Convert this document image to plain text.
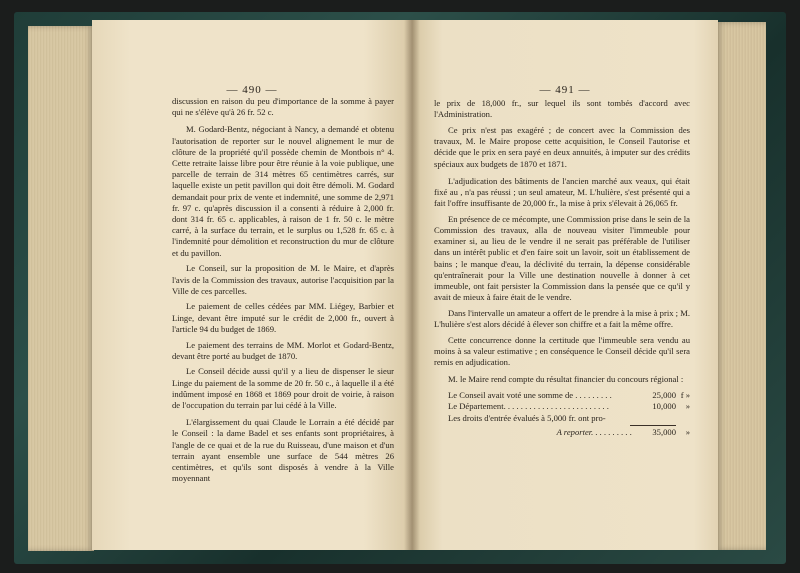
— 490 —

discussion en raison du peu d'importance de la somme à payer qui ne s'élève qu'à 26 fr. 52 c.

M. Godard-Bentz, négociant à Nancy, a demandé et obtenu l'autorisation de reporter sur le nouvel alignement le mur de clôture de la propriété qu'il possède chemin de Montbois n° 4. Cette retraite laisse libre pour être réunie à la voie publique, une parcelle de terrain de 314 mètres 65 centimètres carrés, sur laquelle existe un petit pavillon qui doit être démoli. M. Godard demandait pour prix de vente et indemnité, une somme de 2,971 fr. 97 c. qu'après discussion il a consenti à réduire à 2,000 fr. dont 314 fr. 65 c. applicables, à raison de 1 fr. 50 c. le mètre carré, à la surface du terrain, et le surplus ou 1,528 fr. 65 c. à l'indemnité pour démolition et reconstruction du mur de clôture et du pavillon.

Le Conseil, sur la proposition de M. le Maire, et d'après l'avis de la Commission des travaux, autorise l'acquisition par la Ville de ces parcelles.

Le paiement de celles cédées par MM. Liégey, Barbier et Linge, devant être imputé sur le crédit de 2,000 fr., ouvert à l'article 94 du budget de 1869.

Le paiement des terrains de MM. Morlot et Godard-Bentz, devant être porté au budget de 1870.

Le Conseil décide aussi qu'il y a lieu de dispenser le sieur Linge du paiement de la somme de 20 fr. 50 c., à laquelle il a été indûment imposé en 1868 et 1869 pour droit de voirie, à raison de l'occupation du terrain par lui cédé à la Ville.

L'élargissement du quai Claude le Lorrain a été décidé par le Conseil : la dame Badel et ses enfants sont propriétaires, à l'angle de ce quai et de la rue du Ruisseau, d'une maison et d'un terrain ayant ensemble une surface de 544 mètres 26 centimètres, et qu'ils sont disposés à vendre à la Ville moyennant

— 491 —

le prix de 18,000 fr., sur lequel ils sont tombés d'accord avec l'Administration.

Ce prix n'est pas exagéré ; de concert avec la Commission des travaux, M. le Maire propose cette acquisition, le Conseil l'autorise et décide que le prix en sera payé en deux annuités, à imputer sur des crédits spéciaux aux budgets de 1870 et 1871.

L'adjudication des bâtiments de l'ancien marché aux veaux, qui était fixé au , n'a pas réussi ; un seul amateur, M. L'hulière, s'est présenté qui a fait l'offre insuffisante de 20,000 fr., la mise à prix s'élevait à 26,065 fr.

En présence de ce mécompte, une Commission prise dans le sein de la Commission des travaux, alla de nouveau visiter l'immeuble pour examiner si, au lieu de le vendre il ne serait pas préférable de l'utiliser dans un intérêt public et d'en faire soit un lavoir, soit un établissement de bains ; le manque d'eau, la déclivité du terrain, la dépense considérable qu'entraînerait pour la Ville une destination nouvelle à donner à cet immeuble, ont fait persister la Commission dans la pensée que ce qu'il y avait de mieux à faire était de le vendre.

Dans l'intervalle un amateur a offert de le prendre à la mise à prix ; M. L'hulière s'est alors décidé à élever son chiffre et a fait la même offre.

Cette concurrence donne la certitude que l'immeuble sera vendu au moins à sa valeur estimative ; en conséquence le Conseil décide qu'il sera remis en adjudication.

M. le Maire rend compte du résultat financier du concours régional :

Le Conseil avait voté une somme de . . . . . . . . .	25,000 f »
Le Département. . . . . . . . . . . . . . . . . . . . . . . . .	10,000	»
Les droits d'entrée évalués à 5,000 fr. ont pro-
A reporter. . . . . . . . . .	35,000	»
